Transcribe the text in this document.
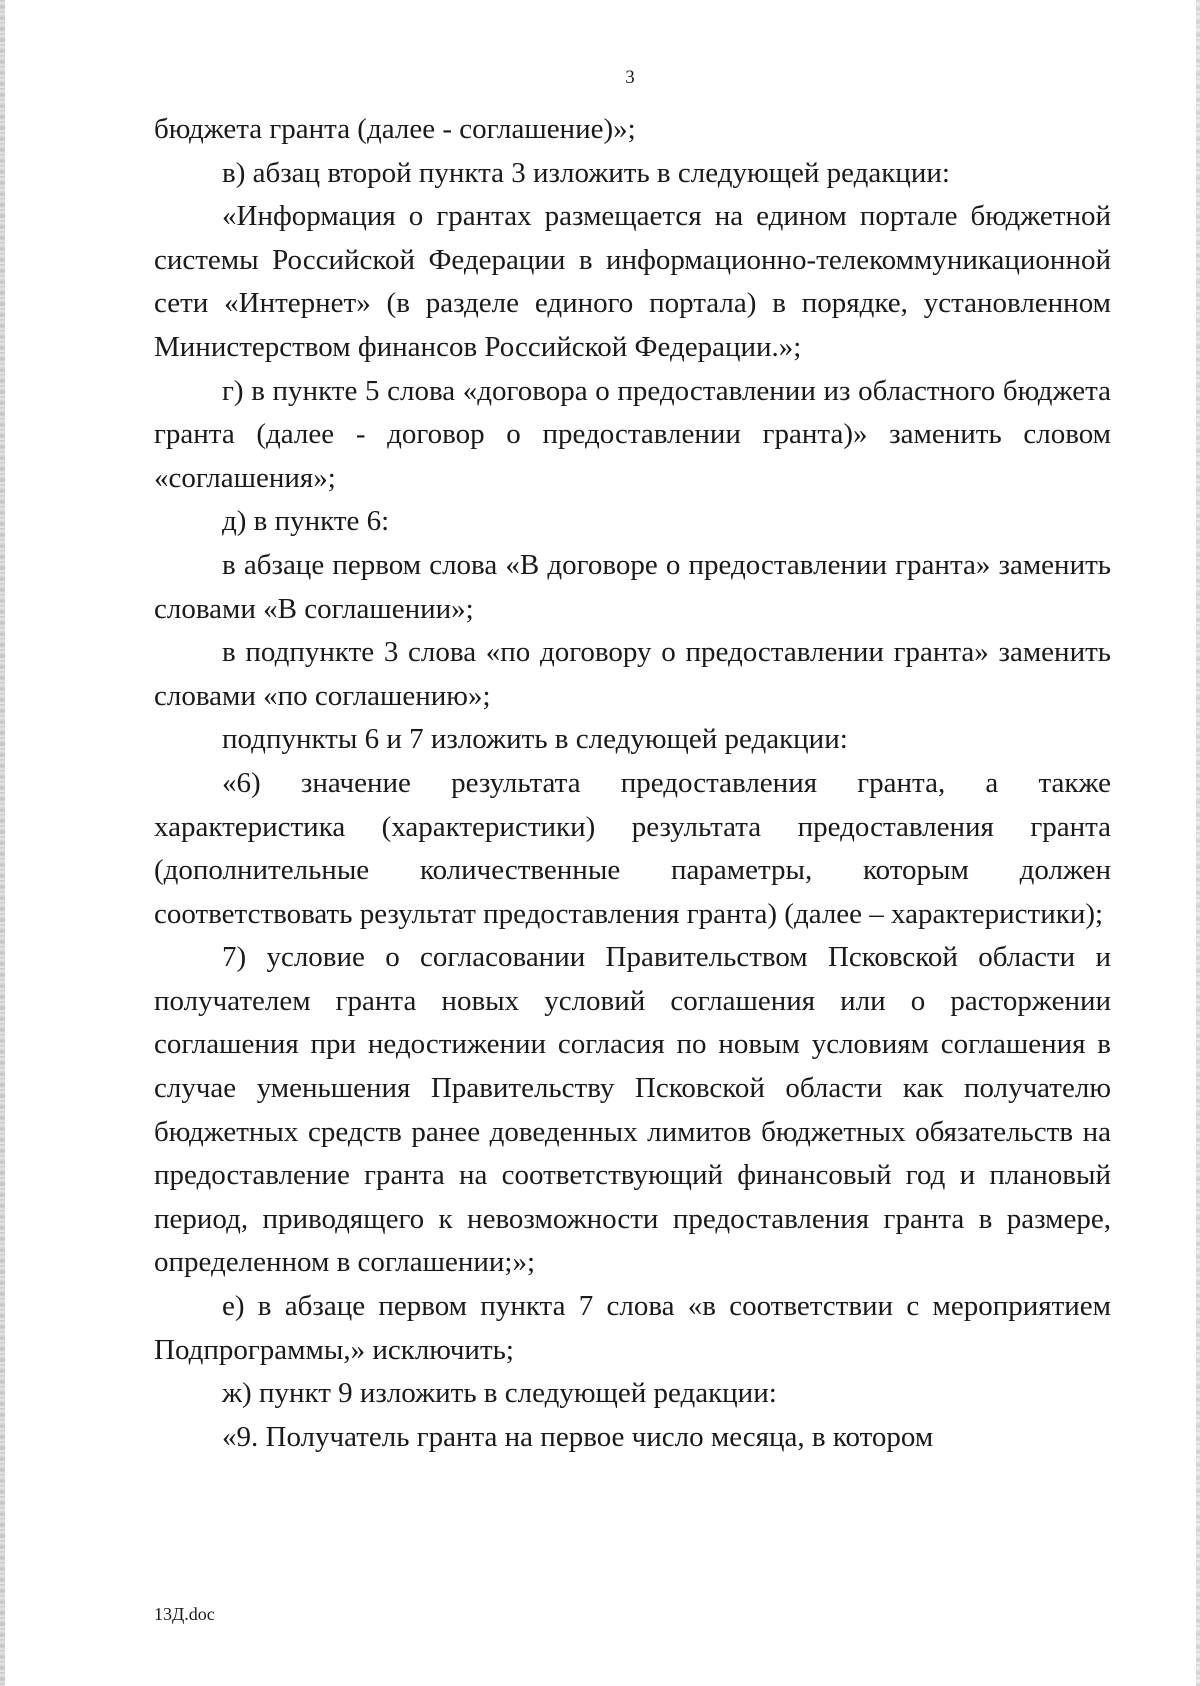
3

бюджета гранта (далее - соглашение)»;

в) абзац второй пункта 3 изложить в следующей редакции:

«Информация о грантах размещается на едином портале бюджетной системы Российской Федерации в информационно-телекоммуникационной сети «Интернет» (в разделе единого портала) в порядке, установленном Министерством финансов Российской Федерации.»;

г) в пункте 5 слова «договора о предоставлении из областного бюджета гранта (далее - договор о предоставлении гранта)» заменить словом «соглашения»;

д) в пункте 6:

в абзаце первом слова «В договоре о предоставлении гранта» заменить словами «В соглашении»;

в подпункте 3 слова «по договору о предоставлении гранта» заменить словами «по соглашению»;

подпункты 6 и 7 изложить в следующей редакции:

«6) значение результата предоставления гранта, а также характеристика (характеристики) результата предоставления гранта (дополнительные количественные параметры, которым должен соответствовать результат предоставления гранта) (далее – характеристики);

7) условие о согласовании Правительством Псковской области и получателем гранта новых условий соглашения или о расторжении соглашения при недостижении согласия по новым условиям соглашения в случае уменьшения Правительству Псковской области как получателю бюджетных средств ранее доведенных лимитов бюджетных обязательств на предоставление гранта на соответствующий финансовый год и плановый период, приводящего к невозможности предоставления гранта в размере, определенном в соглашении;»;

е) в абзаце первом пункта 7 слова «в соответствии с мероприятием Подпрограммы,» исключить;

ж) пункт 9 изложить в следующей редакции:

«9. Получатель гранта на первое число месяца, в котором

13Д.doc
